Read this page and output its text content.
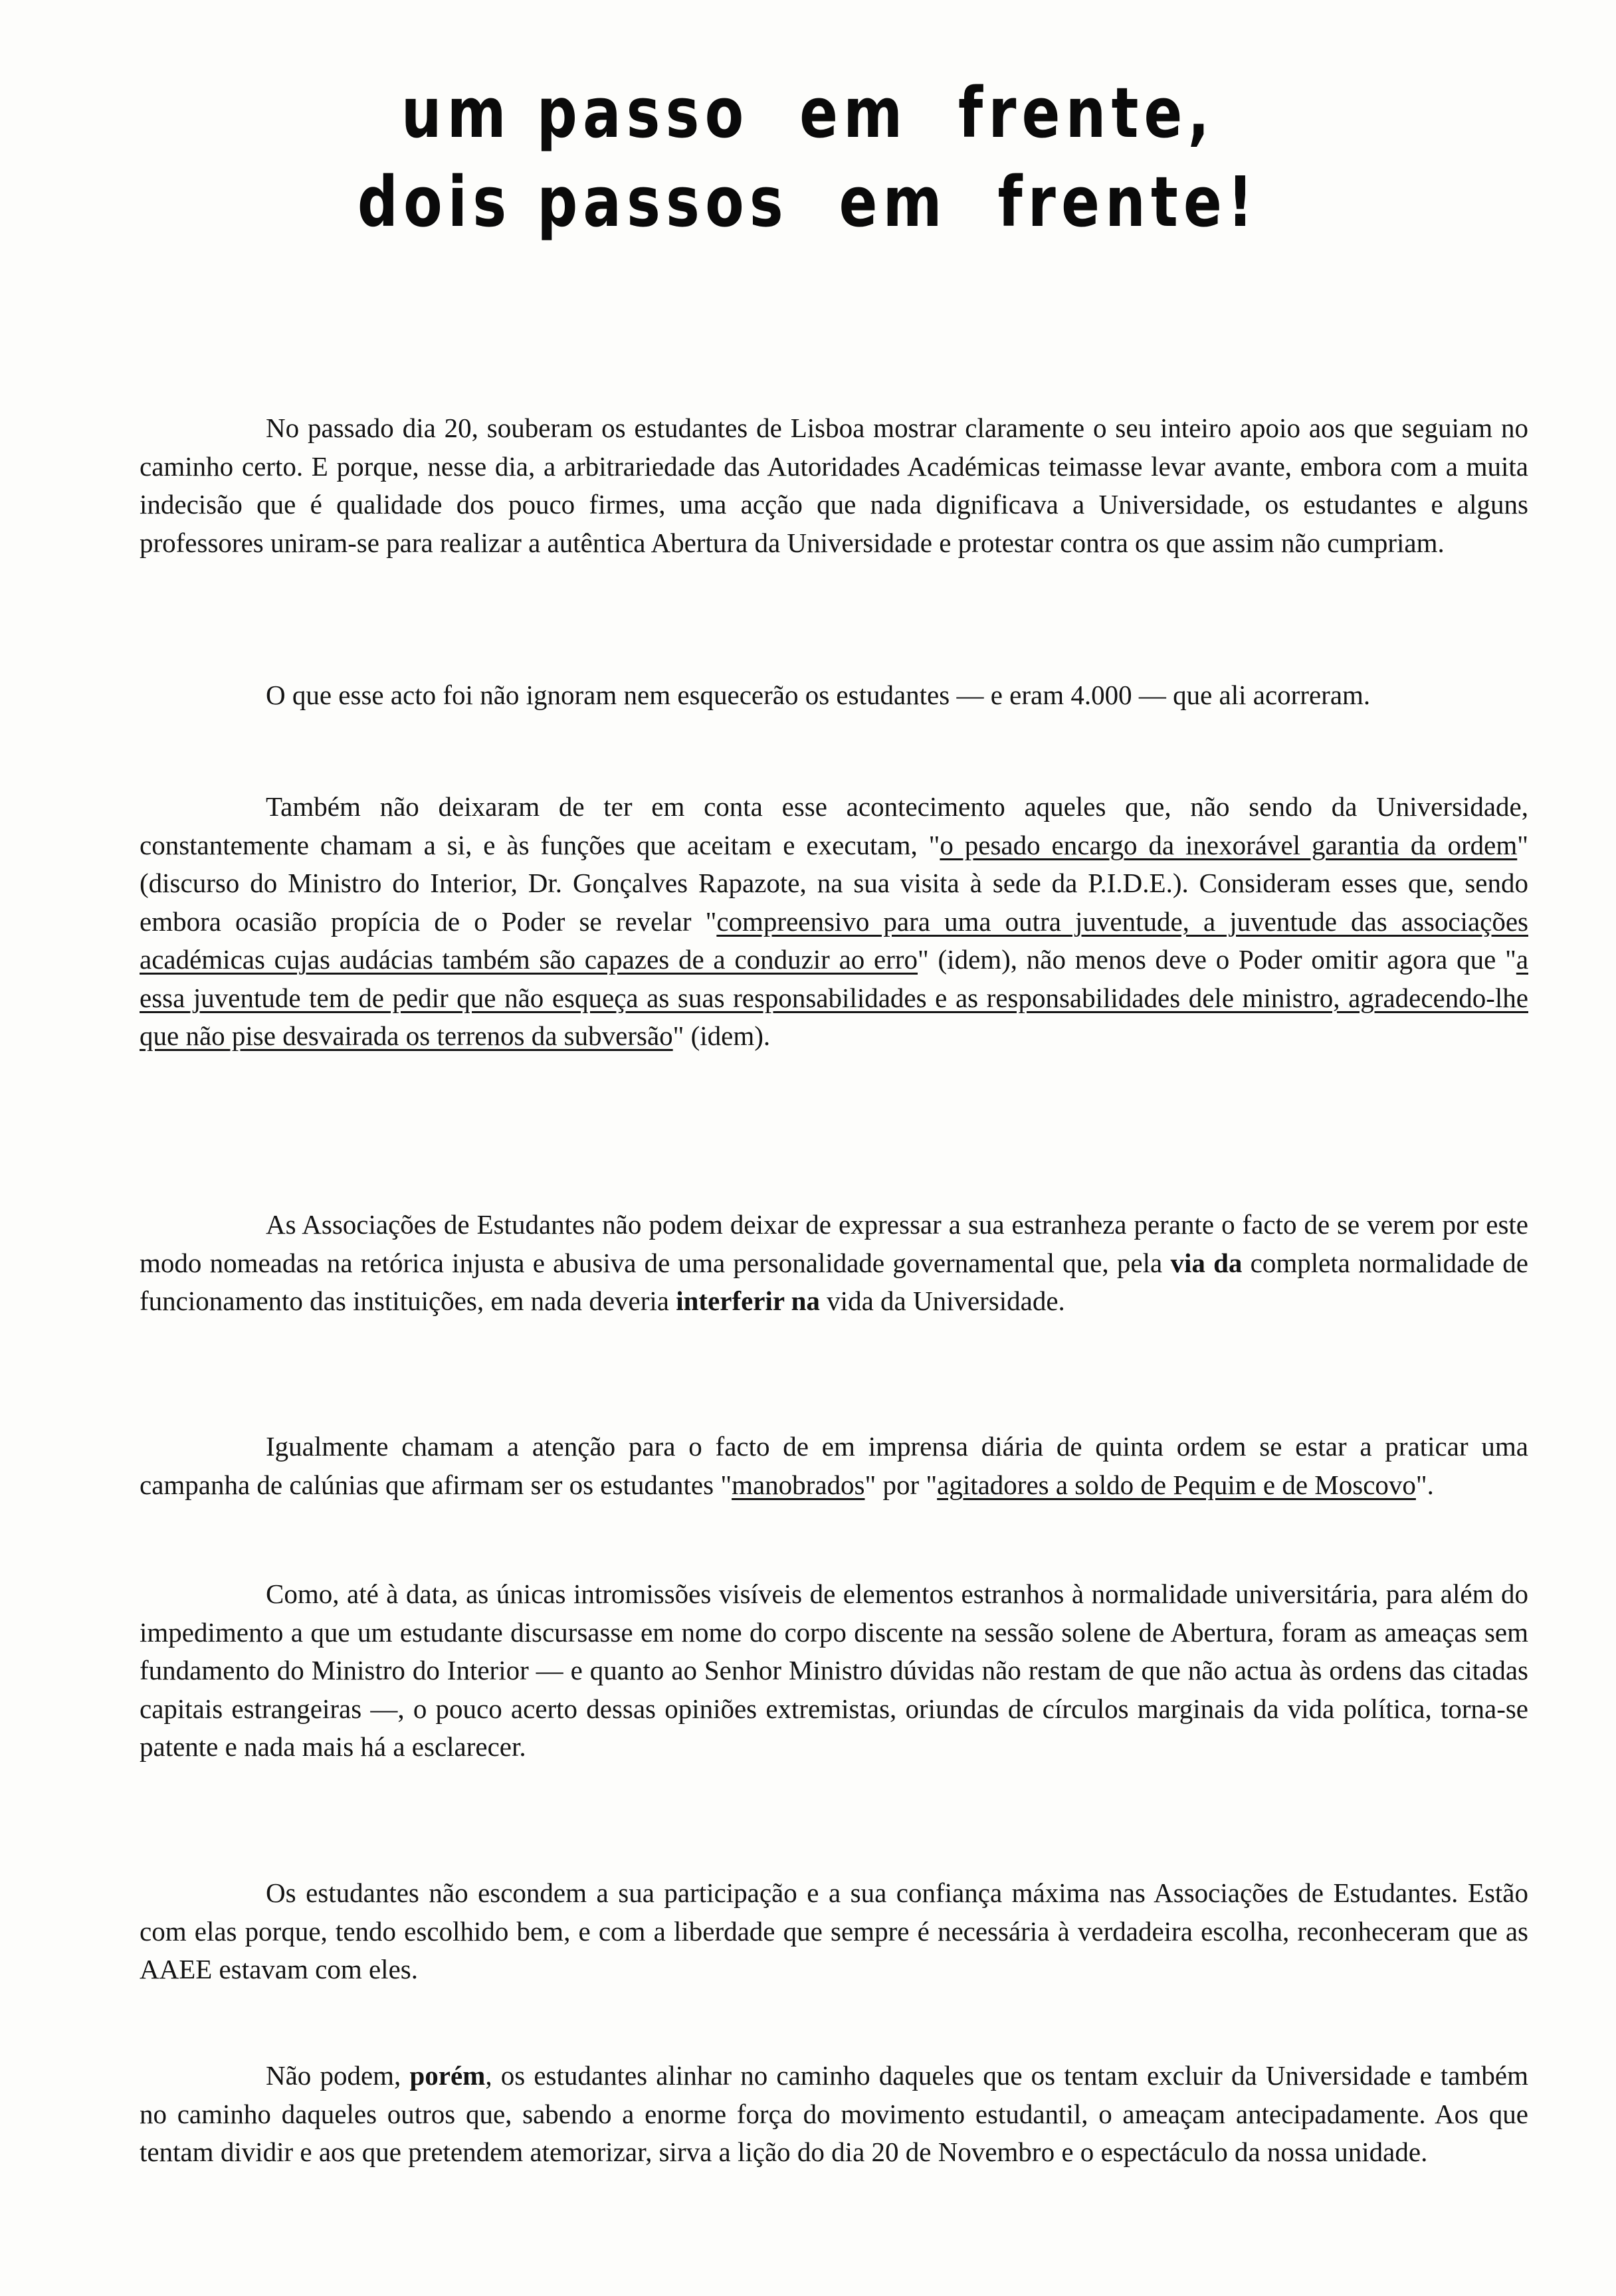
um passo  em  frente,
dois passos  em  frente!

No passado dia 20, souberam os estudantes de Lisboa mostrar claramente o seu inteiro apoio aos que seguiam no caminho certo. E porque, nesse dia, a arbitrariedade das Autoridades Académicas teimasse levar avante, embora com a muita indecisão que é qualidade dos pouco firmes, uma acção que nada dignificava a Universidade, os estudantes e alguns professores uniram-se para realizar a autêntica Abertura da Universidade e protestar contra os que assim não cumpriam.

O que esse acto foi não ignoram nem esquecerão os estudantes — e eram 4.000 — que ali acorreram.

Também não deixaram de ter em conta esse acontecimento aqueles que, não sendo da Universidade, constantemente chamam a si, e às funções que aceitam e executam, "o pesado encargo da inexorável garantia da ordem" (discurso do Ministro do Interior, Dr. Gonçalves Rapazote, na sua visita à sede da P.I.D.E.). Consideram esses que, sendo embora ocasião propícia de o Poder se revelar "compreensivo para uma outra juventude, a juventude das associações académicas cujas audácias também são capazes de a conduzir ao erro" (idem), não menos deve o Poder omitir agora que "a essa juventude tem de pedir que não esqueça as suas responsabilidades e as responsabilidades dele ministro, agradecendo-lhe que não pise desvairada os terrenos da subversão" (idem).

As Associações de Estudantes não podem deixar de expressar a sua estranheza perante o facto de se verem por este modo nomeadas na retórica injusta e abusiva de uma personalidade governamental que, pela via da completa normalidade de funcionamento das instituições, em nada deveria interferir na vida da Universidade.

Igualmente chamam a atenção para o facto de em imprensa diária de quinta ordem se estar a praticar uma campanha de calúnias que afirmam ser os estudantes "manobrados" por "agitadores a soldo de Pequim e de Moscovo".

Como, até à data, as únicas intromissões visíveis de elementos estranhos à normalidade universitária, para além do impedimento a que um estudante discursasse em nome do corpo discente na sessão solene de Abertura, foram as ameaças sem fundamento do Ministro do Interior — e quanto ao Senhor Ministro dúvidas não restam de que não actua às ordens das citadas capitais estrangeiras —, o pouco acerto dessas opiniões extremistas, oriundas de círculos marginais da vida política, torna-se patente e nada mais há a esclarecer.

Os estudantes não escondem a sua participação e a sua confiança máxima nas Associações de Estudantes. Estão com elas porque, tendo escolhido bem, e com a liberdade que sempre é necessária à verdadeira escolha, reconheceram que as AAEE estavam com eles.

Não podem, porém, os estudantes alinhar no caminho daqueles que os tentam excluir da Universidade e também no caminho daqueles outros que, sabendo a enorme força do movimento estudantil, o ameaçam antecipadamente. Aos que tentam dividir e aos que pretendem atemorizar, sirva a lição do dia 20 de Novembro e o espectáculo da nossa unidade.
